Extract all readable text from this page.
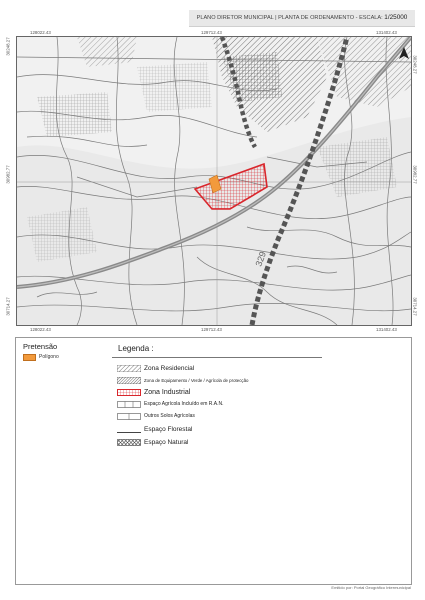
PLANO DIRETOR MUNICIPAL | PLANTA DE ORDENAMENTO - ESCALA: 1/25000
128022.43	129712.43	131402.43
128022.43	129712.43	131402.43
30248.27
30982.77
30714.27
30248.27
30982.77
30714.27
329
Pretensão
Polígono
Legenda :
Zona Residencial
Zona de Equipamento / Verde / Agrícola de protecção
Zona Industrial
Espaço Agrícola Incluído em R.A.N.
Outros Solos Agrícolas
Espaço Florestal
Espaço Natural
Emitido por: Portal Geográfico Intermunicipal
